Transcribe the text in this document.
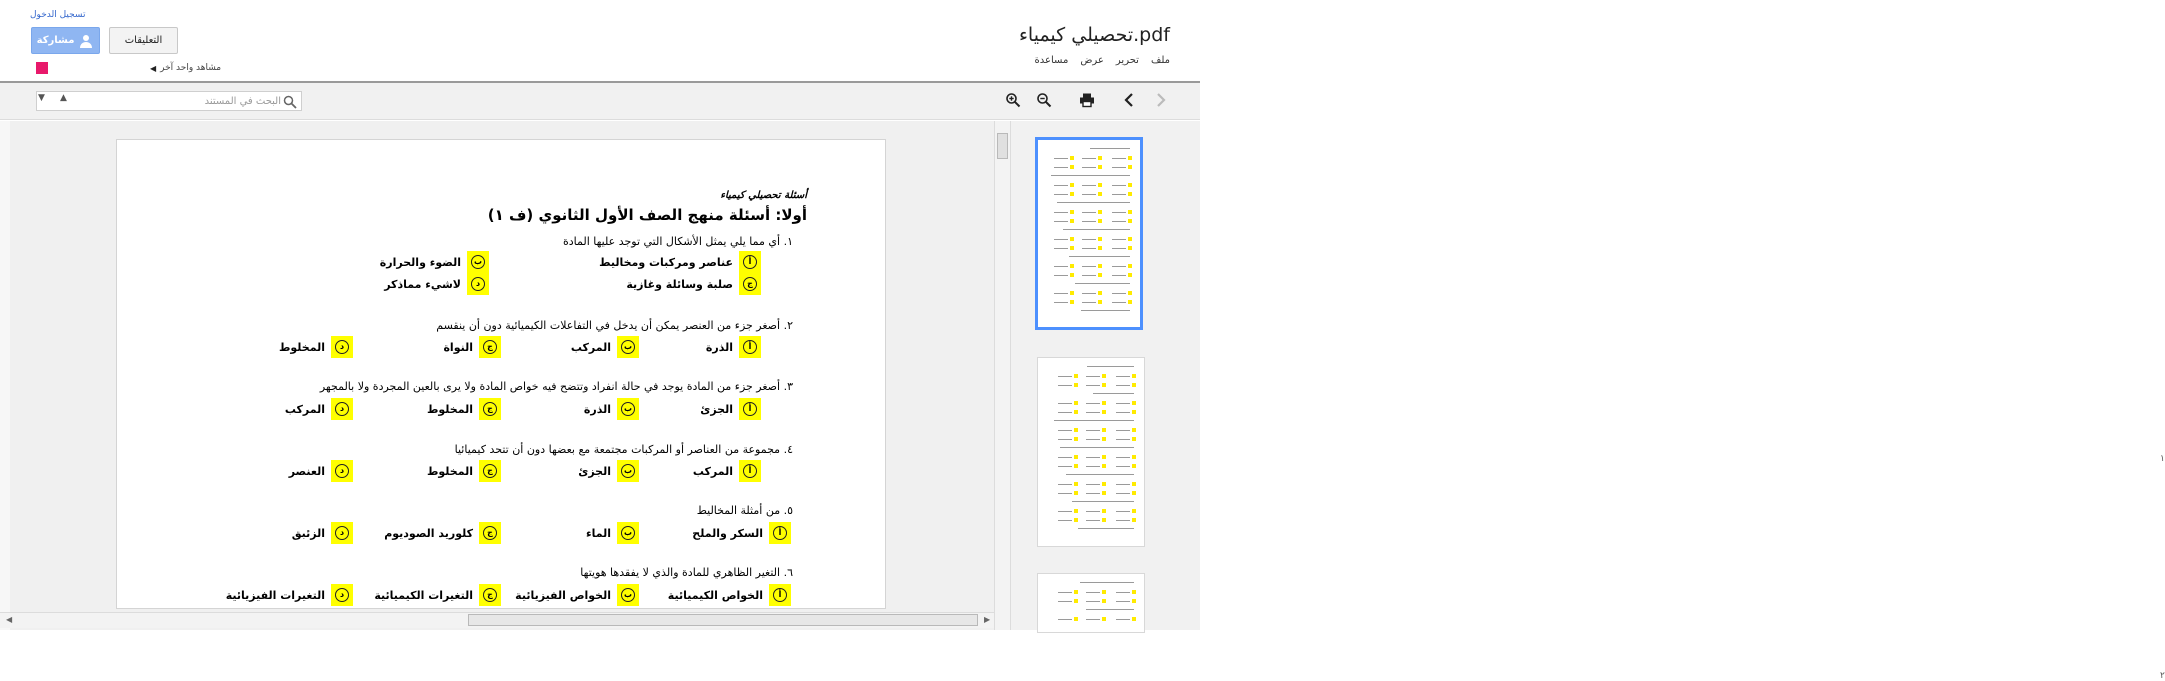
تسجيل الدخول
مشاركة	التعليقات
◀ مشاهد واحد آخر
تحصيلي كيمياء.pdf
ملف
تحرير
عرض
مساعدة
البحث في المستند
▲
▼
أسئلة تحصيلي كيمياء
أولا: أسئلة منهج الصف الأول الثانوي (ف ١)
١. أي مما يلي يمثل الأشكال التي توجد عليها المادة
أ
عناصر ومركبات ومخاليط
ب
الضوء والحرارة
ج
صلبة وسائلة وغازية
د
لاشيء مماذكر
٢. أصغر جزء من العنصر يمكن أن يدخل في التفاعلات الكيميائية دون أن ينقسم
أ
الذرة
ب
المركب
ج
النواة
د
المخلوط
٣. أصغر جزء من المادة يوجد في حالة انفراد وتتضح فيه خواص المادة ولا يرى بالعين المجردة ولا بالمجهر
أ
الجزئ
ب
الذرة
ج
المخلوط
د
المركب
٤. مجموعة من العناصر أو المركبات مجتمعة مع بعضها دون أن تتحد كيميائيا
أ
المركب
ب
الجزئ
ج
المخلوط
د
العنصر
٥. من أمثلة المخاليط
أ
السكر والملح
ب
الماء
ج
كلوريد الصوديوم
د
الزئبق
٦. التغير الظاهري للمادة والذي لا يفقدها هويتها
أ
الخواص الكيميائية
ب
الخواص الفيزيائية
ج
التغيرات الكيميائية
د
التغيرات الفيزيائية
◀	▶
١
٢
